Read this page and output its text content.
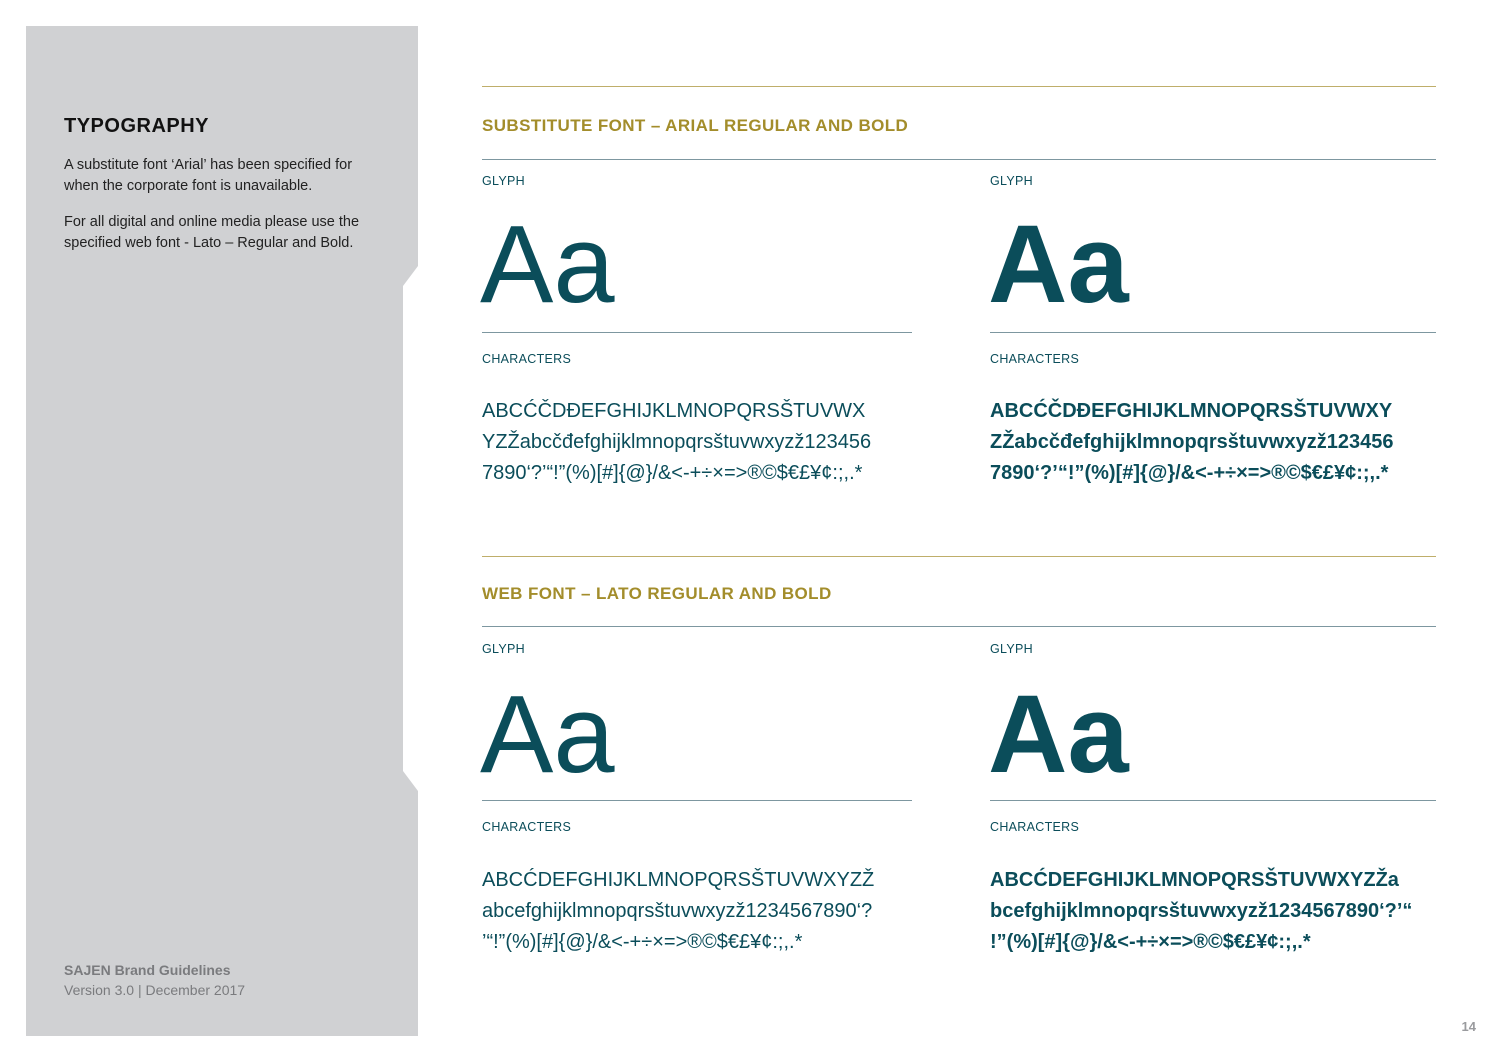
TYPOGRAPHY

A substitute font ‘Arial’ has been specified for when the corporate font is unavailable.

For all digital and online media please use the specified web font - Lato – Regular and Bold.

SAJEN Brand Guidelines
Version 3.0 | December 2017
14
SUBSTITUTE FONT – ARIAL REGULAR AND BOLD
GLYPH
Aa
CHARACTERS

ABCĆČDĐEFGHIJKLMNOPQRSŠTUVWX
YZŽabcčđefghijklmnopqrsštuvwxyzž123456
7890‘?’“!”(%)[#]{@}/&<-+÷×=>®©$€£¥¢:;,.*

GLYPH
Aa
CHARACTERS

ABCĆČDĐEFGHIJKLMNOPQRSŠTUVWXY
ZŽabcčđefghijklmnopqrsštuvwxyzž123456
7890‘?’“!”(%)[#]{@}/&<-+÷×=>®©$€£¥¢:;,.*

WEB FONT – LATO REGULAR AND BOLD
GLYPH
Aa
CHARACTERS

ABCĆDEFGHIJKLMNOPQRSŠTUVWXYZŽ
abcefghijklmnopqrsštuvwxyzž1234567890‘?
’“!”(%)[#]{@}/&<-+÷×=>®©$€£¥¢:;,.*

GLYPH
Aa
CHARACTERS

ABCĆDEFGHIJKLMNOPQRSŠTUVWXYZŽa
bcefghijklmnopqrsštuvwxyzž1234567890‘?’“
!”(%)[#]{@}/&<-+÷×=>®©$€£¥¢:;,.*
